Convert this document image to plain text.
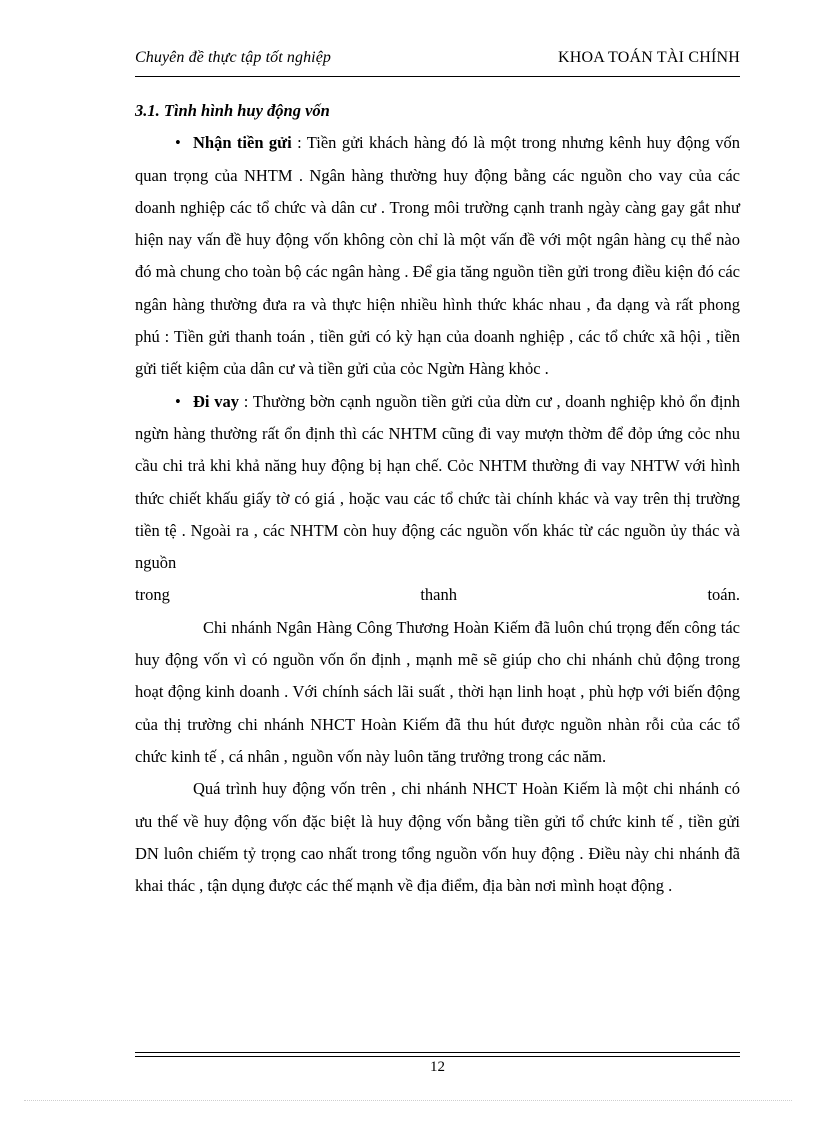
Chuyên đề thực tập tốt nghiệp	KHOA TOÁN TÀI CHÍNH

3.1. Tình hình huy động vốn

• Nhận tiền gửi : Tiền gửi khách hàng đó là một trong nhưng kênh huy động vốn quan trọng của NHTM . Ngân hàng thường huy động bằng các nguồn cho vay của các doanh nghiệp các tổ chức và dân cư . Trong môi trường cạnh tranh ngày càng gay gắt như hiện nay vấn đề huy động vốn không còn chỉ là một vấn đề với một ngân hàng cụ thể nào đó mà chung cho toàn bộ các ngân hàng . Để gia tăng nguồn tiền gửi trong điều kiện đó các ngân hàng thường đưa ra và thực hiện nhiều hình thức khác nhau , đa dạng và rất phong phú : Tiền gửi thanh toán , tiền gửi có kỳ hạn của doanh nghiệp , các tổ chức xã hội , tiền gửi tiết kiệm của dân cư và tiền gửi của cỏc Ngừn Hàng khỏc .

• Đi vay : Thường bờn cạnh nguồn tiền gửi của dừn cư , doanh nghiệp khỏ ổn định ngừn hàng thường rất ổn định thì các NHTM cũng đi vay mượn thờm để đỏp ứng cỏc nhu cầu chi trả khi khả năng huy động bị hạn chế. Cỏc NHTM thường đi vay NHTW với hình thức chiết khấu giấy tờ có giá , hoặc vau các tổ chức tài chính khác và vay trên thị trường tiền tệ . Ngoài ra , các NHTM còn huy động các nguồn vốn khác từ các nguồn ủy thác và nguồn

trong	thanh	toán.

Chi nhánh Ngân Hàng Công Thương Hoàn Kiếm đã luôn chú trọng đến công tác huy động vốn vì có nguồn vốn ổn định , mạnh mẽ sẽ giúp cho chi nhánh chủ động trong hoạt động kinh doanh . Với chính sách lãi suất , thời hạn linh hoạt , phù hợp với biến động của thị trường chi nhánh NHCT Hoàn Kiếm đã thu hút được nguồn nhàn rỗi của các tổ chức kinh tế , cá nhân , nguồn vốn này luôn tăng trưởng trong các năm.

Quá trình huy động vốn trên , chi nhánh NHCT Hoàn Kiếm là một chi nhánh có ưu thế về huy động vốn đặc biệt là huy động vốn bằng tiền gửi tổ chức kinh tế , tiền gửi DN luôn chiếm tỷ trọng cao nhất trong tổng nguồn vốn huy động . Điều này chi nhánh đã khai thác , tận dụng được các thế mạnh về địa điểm, địa bàn nơi mình hoạt động .

12
